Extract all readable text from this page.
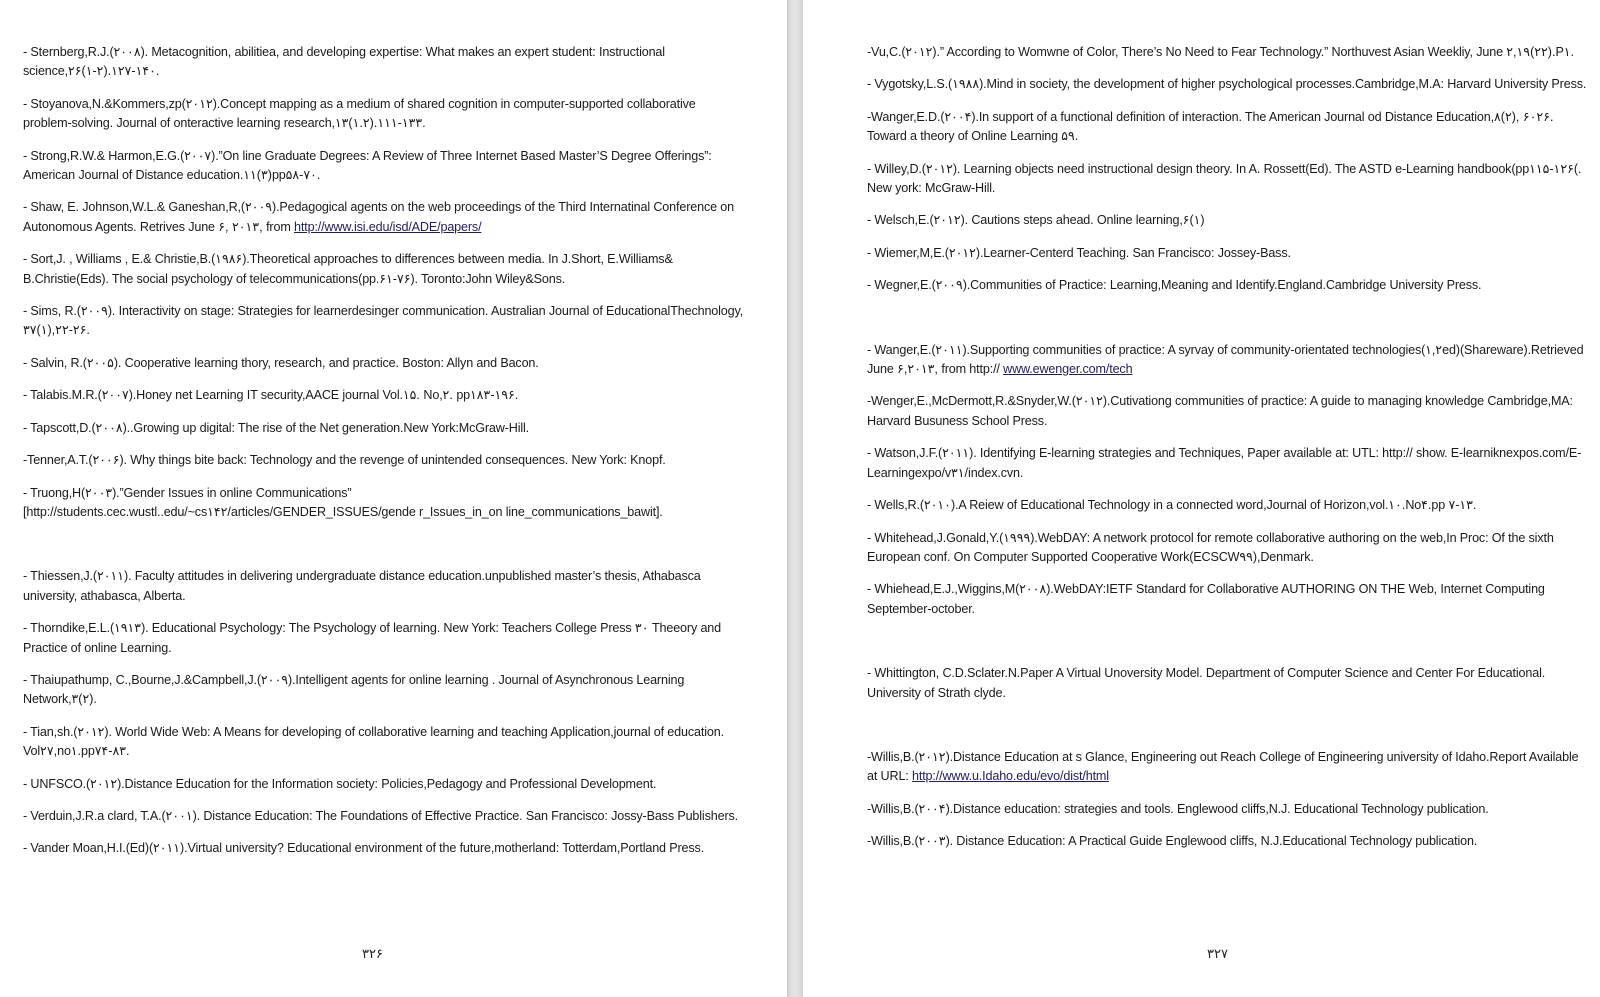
- Sternberg,R.J.(۲۰۰۸). Metacognition, abilitiea, and developing expertise: What makes an expert student: Instructional science,۲۶(۱-۲).۱۲۷-۱۴۰.

- Stoyanova,N.&Kommers,zp(۲۰۱۲).Concept mapping as a medium of shared cognition in computer-supported collaborative problem-solving. Journal of onteractive learning research,۱۳(۱.۲).۱۱۱-۱۳۳.

- Strong,R.W.& Harmon,E.G.(۲۰۰۷).”On line Graduate Degrees: A Review of Three Internet Based Master’S Degree Offerings”: American Journal of Distance education.۱۱(۳)pp۵۸-۷۰.

- Shaw, E. Johnson,W.L.& Ganeshan,R,(۲۰۰۹).Pedagogical agents on the web proceedings of the Third Internatinal Conference on Autonomous Agents. Retrives June ۶, ۲۰۱۳, from http://www.isi.edu/isd/ADE/papers/

- Sort,J. , Williams , E.& Christie,B.(۱۹۸۶).Theoretical approaches to differences between media. In J.Short, E.Williams& B.Christie(Eds). The social psychology of telecommunications(pp.۶۱-۷۶). Toronto:John Wiley&Sons.

- Sims, R.(۲۰۰۹). Interactivity on stage: Strategies for learnerdesinger communication. Australian Journal of EducationalThechnology, ۳۷(۱),۲۲-۲۶.

- Salvin, R.(۲۰۰۵). Cooperative learning thory, research, and practice. Boston: Allyn and Bacon.

- Talabis.M.R.(۲۰۰۷).Honey net Learning IT security,AACE journal Vol.۱۵. No,۲. pp۱۸۳-۱۹۶.

- Tapscott,D.(۲۰۰۸)..Growing up digital: The rise of the Net generation.New York:McGraw-Hill.

-Tenner,A.T.(۲۰۰۶). Why things bite back: Technology and the revenge of unintended consequences. New York: Knopf.

- Truong,H(۲۰۰۳).”Gender Issues in online Communications” [http://students.cec.wustl..edu/~cs۱۴۲/articles/GENDER_ISSUES/gende r_Issues_in_on line_communications_bawit].

- Thiessen,J.(۲۰۱۱). Faculty attitudes in delivering undergraduate distance education.unpublished master’s thesis, Athabasca university, athabasca, Alberta.

- Thorndike,E.L.(۱۹۱۳). Educational Psychology: The Psychology of learning. New York: Teachers College Press ۳۰ Theeory and Practice of online Learning.

- Thaiupathump, C.,Bourne,J.&Campbell,J.(۲۰۰۹).Intelligent agents for online learning . Journal of Asynchronous Learning Network,۳(۲).

- Tian,sh.(۲۰۱۲). World Wide Web: A Means for developing of collaborative learning and teaching Application,journal of education. Vol۲۷,no۱.pp۷۴-۸۳.

- UNFSCO.(۲۰۱۲).Distance Education for the Information society: Policies,Pedagogy and Professional Development.

- Verduin,J.R.a clard, T.A.(۲۰۰۱). Distance Education: The Foundations of Effective Practice. San Francisco: Jossy-Bass Publishers.

- Vander Moan,H.I.(Ed)(۲۰۱۱).Virtual university? Educational environment of the future,motherland: Totterdam,Portland Press.

۳۲۶

-Vu,C.(۲۰۱۲).” According to Womwne of Color, There’s No Need to Fear Technology.” Northuvest Asian Weekliy, June ۲,۱۹(۲۲).P۱.

- Vygotsky,L.S.(۱۹۸۸).Mind in society, the development of higher psychological processes.Cambridge,M.A: Harvard University Press.

-Wanger,E.D.(۲۰۰۴).In support of a functional definition of interaction. The American Journal od Distance Education,۸(۲), ۶۰۲۶. Toward a theory of Online Learning ۵۹.

- Willey,D.(۲۰۱۲). Learning objects need instructional design theory. In A. Rossett(Ed). The ASTD e-Learning handbook(pp۱۱۵-۱۲۶(. New york: McGraw-Hill.

- Welsch,E.(۲۰۱۲). Cautions steps ahead. Online learning,۶(۱)

- Wiemer,M,E.(۲۰۱۲).Learner-Centerd Teaching. San Francisco: Jossey-Bass.

- Wegner,E.(۲۰۰۹).Communities of Practice: Learning,Meaning and Identify.England.Cambridge University Press.

- Wanger,E.(۲۰۱۱).Supporting communities of practice: A syrvay of community-orientated technologies(۱,۲ed)(Shareware).Retrieved June ۶,۲۰۱۳, from http:// www.ewenger.com/tech

-Wenger,E.,McDermott,R.&Snyder,W.(۲۰۱۲).Cutivationg communities of practice: A guide to managing knowledge Cambridge,MA: Harvard Busuness School Press.

- Watson,J.F.(۲۰۱۱). Identifying E-learning strategies and Techniques, Paper available at: UTL: http:// show. E-learniknexpos.com/E-Learningexpo/v۳۱/index.cvn.

- Wells,R.(۲۰۱۰).A Reiew of Educational Technology in a connected word,Journal of Horizon,vol.۱۰.No۴.pp ۷-۱۳.

- Whitehead,J.Gonald,Y.(۱۹۹۹).WebDAY: A network protocol for remote collaborative authoring on the web,In Proc: Of the sixth European conf. On Computer Supported Cooperative Work(ECSCW۹۹),Denmark.

- Whiehead,E.J.,Wiggins,M(۲۰۰۸).WebDAY:IETF Standard for Collaborative AUTHORING ON THE Web, Internet Computing September-october.

- Whittington, C.D.Sclater.N.Paper A Virtual Unoversity Model. Department of Computer Science and Center For Educational. University of Strath clyde.

-Willis,B.(۲۰۱۲).Distance Education at s Glance, Engineering out Reach College of Engineering university of Idaho.Report Available at URL: http://www.u.Idaho.edu/evo/dist/html

-Willis,B.(۲۰۰۴).Distance education: strategies and tools. Englewood cliffs,N.J. Educational Technology publication.

-Willis,B.(۲۰۰۳). Distance Education: A Practical Guide Englewood cliffs, N.J.Educational Technology publication.

۳۲۷
